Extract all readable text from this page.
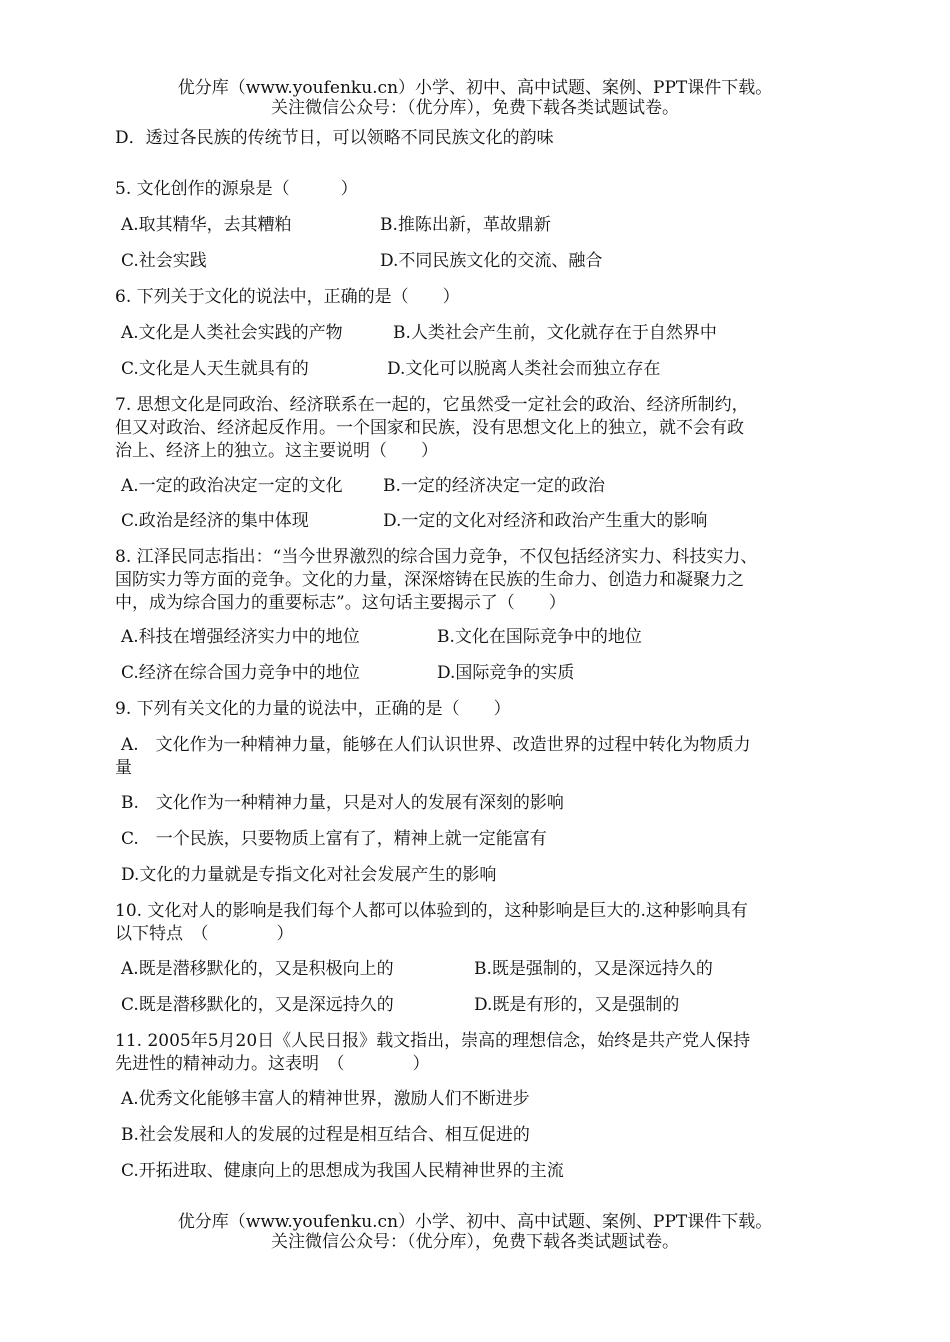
优分库（www.youfenku.cn）小学、初中、高中试题、案例、PPT课件下载。
关注微信公众号：（优分库），免费下载各类试题试卷。
D．透过各民族的传统节日，可以领略不同民族文化的韵味
5. 文化创作的源泉是（　　　）
A.取其精华，去其糟粕	B.推陈出新，革故鼎新
C.社会实践	D.不同民族文化的交流、融合
6. 下列关于文化的说法中，正确的是（　　）
A.文化是人类社会实践的产物	B.人类社会产生前，文化就存在于自然界中
C.文化是人天生就具有的	D.文化可以脱离人类社会而独立存在
7. 思想文化是同政治、经济联系在一起的，它虽然受一定社会的政治、经济所制约，
但又对政治、经济起反作用。一个国家和民族，没有思想文化上的独立，就不会有政
治上、经济上的独立。这主要说明（　　）
A.一定的政治决定一定的文化 B.一定的经济决定一定的政治
C.政治是经济的集中体现	D.一定的文化对经济和政治产生重大的影响
8. 江泽民同志指出：“当今世界激烈的综合国力竞争，不仅包括经济实力、科技实力、
国防实力等方面的竞争。文化的力量，深深熔铸在民族的生命力、创造力和凝聚力之
中，成为综合国力的重要标志”。这句话主要揭示了（　　）
A.科技在增强经济实力中的地位	B.文化在国际竞争中的地位
C.经济在综合国力竞争中的地位	D.国际竞争的实质
9. 下列有关文化的力量的说法中，正确的是（　　）
A.　文化作为一种精神力量，能够在人们认识世界、改造世界的过程中转化为物质力
量
B.　文化作为一种精神力量，只是对人的发展有深刻的影响
C.　一个民族，只要物质上富有了，精神上就一定能富有
D.文化的力量就是专指文化对社会发展产生的影响
10. 文化对人的影响是我们每个人都可以体验到的，这种影响是巨大的.这种影响具有
以下特点　（　　　　）
A.既是潜移默化的，又是积极向上的	B.既是强制的，又是深远持久的
C.既是潜移默化的，又是深远持久的	D.既是有形的，又是强制的
11. 2005年5月20日《人民日报》载文指出，崇高的理想信念，始终是共产党人保持
先进性的精神动力。这表明　（　　　　）
A.优秀文化能够丰富人的精神世界，激励人们不断进步
B.社会发展和人的发展的过程是相互结合、相互促进的
C.开拓进取、健康向上的思想成为我国人民精神世界的主流
优分库（www.youfenku.cn）小学、初中、高中试题、案例、PPT课件下载。
关注微信公众号：（优分库），免费下载各类试题试卷。
